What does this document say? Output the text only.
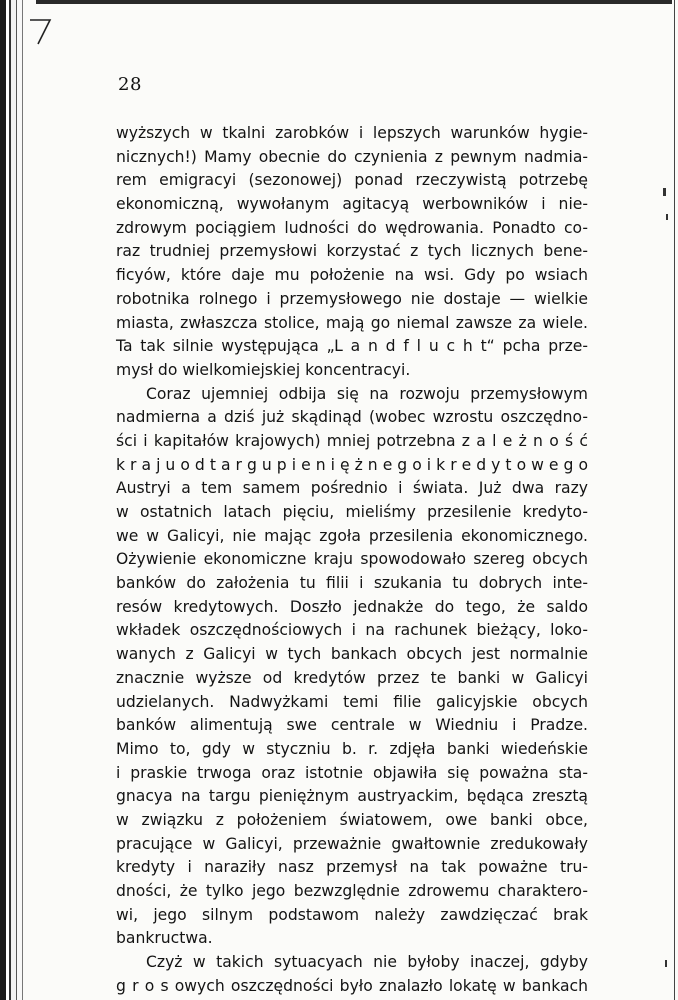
28
wyższych w tkalni zarobków i lepszych warunków hygie-
nicznych!) Mamy obecnie do czynienia z pewnym nadmia-
rem emigracyi (sezonowej) ponad rzeczywistą potrzebę
ekonomiczną, wywołanym agitacyą werbowników i nie-
zdrowym pociągiem ludności do wędrowania. Ponadto co-
raz trudniej przemysłowi korzystać z tych licznych bene-
ficyów, które daje mu położenie na wsi. Gdy po wsiach
robotnika rolnego i przemysłowego nie dostaje — wielkie
miasta, zwłaszcza stolice, mają go niemal zawsze za wiele.
Ta tak silnie występująca „L a n d f l u c h t“ pcha prze-
mysł do wielkomiejskiej koncentracyi.
Coraz ujemniej odbija się na rozwoju przemysłowym
nadmierna a dziś już skądinąd (wobec wzrostu oszczędno-
ści i kapitałów krajowych) mniej potrzebna z a l e ż n o ś ć
k r a j u o d t a r g u p i e n i ę ż n e g o i k r e d y t o w e g o
Austryi a tem samem pośrednio i świata. Już dwa razy
w ostatnich latach pięciu, mieliśmy przesilenie kredyto-
we w Galicyi, nie mając zgoła przesilenia ekonomicznego.
Ożywienie ekonomiczne kraju spowodowało szereg obcych
banków do założenia tu filii i szukania tu dobrych inte-
resów kredytowych. Doszło jednakże do tego, że saldo
wkładek oszczędnościowych i na rachunek bieżący, loko-
wanych z Galicyi w tych bankach obcych jest normalnie
znacznie wyższe od kredytów przez te banki w Galicyi
udzielanych. Nadwyżkami temi filie galicyjskie obcych
banków alimentują swe centrale w Wiedniu i Pradze.
Mimo to, gdy w styczniu b. r. zdjęła banki wiedeńskie
i praskie trwoga oraz istotnie objawiła się poważna sta-
gnacya na targu pieniężnym austryackim, będąca zresztą
w związku z położeniem światowem, owe banki obce,
pracujące w Galicyi, przeważnie gwałtownie zredukowały
kredyty i naraziły nasz przemysł na tak poważne tru-
dności, że tylko jego bezwzględnie zdrowemu charaktero-
wi, jego silnym podstawom należy zawdzięczać brak
bankructwa.
Czyż w takich sytuacyach nie byłoby inaczej, gdyby
g r o s owych oszczędności było znalazło lokatę w bankach
